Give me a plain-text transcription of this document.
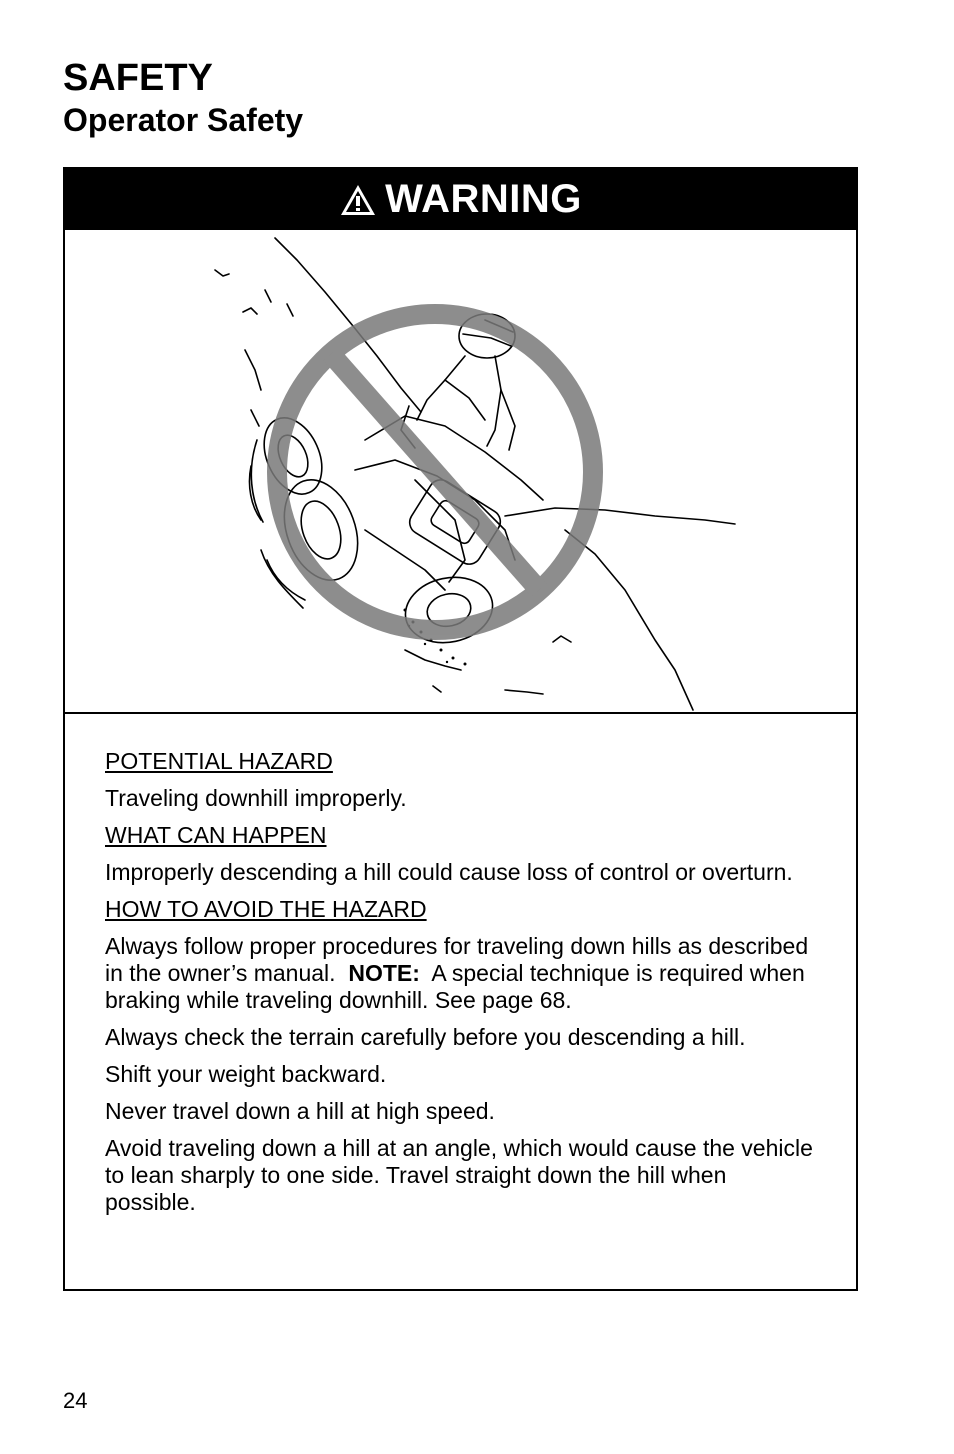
SAFETY
Operator Safety
WARNING

POTENTIAL HAZARD

Traveling downhill improperly.

WHAT CAN HAPPEN

Improperly descending a hill could cause loss of control or overturn.

HOW TO AVOID THE HAZARD

Always follow proper procedures for traveling down hills as described in the owner’s manual. NOTE: A special technique is required when braking while traveling downhill. See page 68.

Always check the terrain carefully before you descending a hill.

Shift your weight backward.

Never travel down a hill at high speed.

Avoid traveling down a hill at an angle, which would cause the vehicle to lean sharply to one side. Travel straight down the hill when possible.

24
